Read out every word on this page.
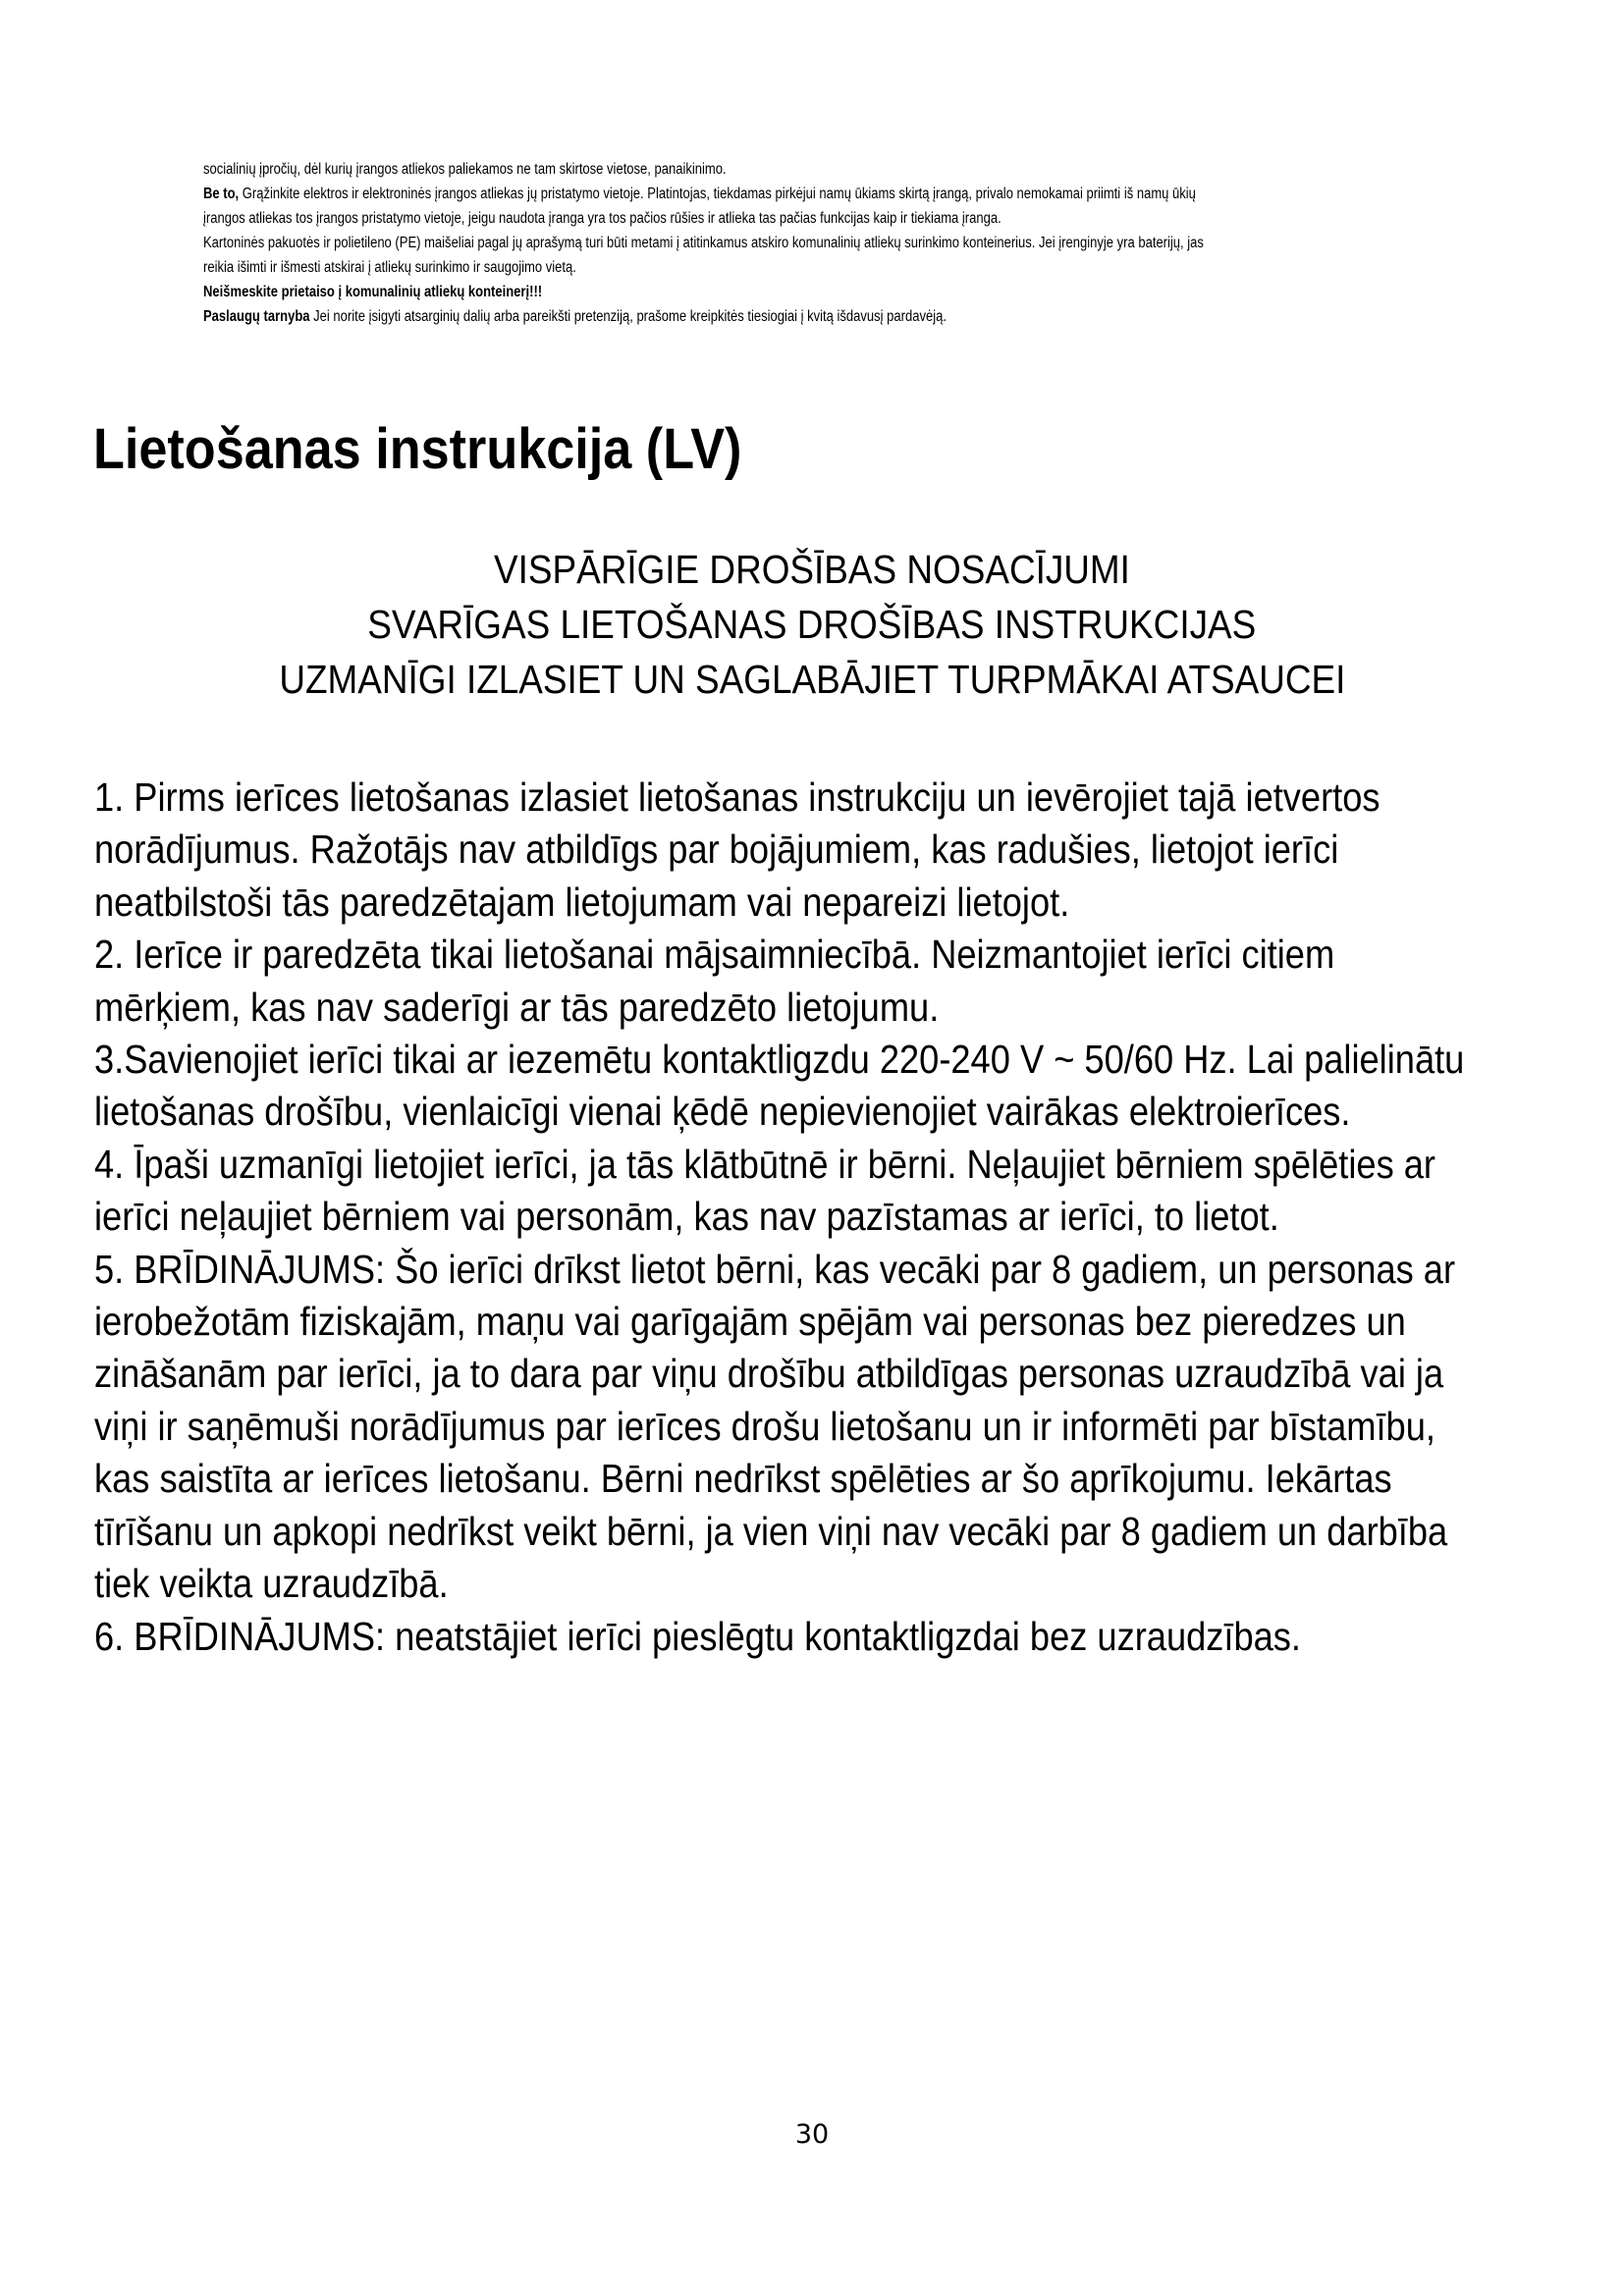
socialinių įpročių, dėl kurių įrangos atliekos paliekamos ne tam skirtose vietose, panaikinimo.

Be to, Grąžinkite elektros ir elektroninės įrangos atliekas jų pristatymo vietoje. Platintojas, tiekdamas pirkėjui namų ūkiams skirtą įrangą, privalo nemokamai priimti iš namų ūkių įrangos atliekas tos įrangos pristatymo vietoje, jeigu naudota įranga yra tos pačios rūšies ir atlieka tas pačias funkcijas kaip ir tiekiama įranga.

Kartoninės pakuotės ir polietileno (PE) maišeliai pagal jų aprašymą turi būti metami į atitinkamus atskiro komunalinių atliekų surinkimo konteinerius. Jei įrenginyje yra baterijų, jas reikia išimti ir išmesti atskirai į atliekų surinkimo ir saugojimo vietą.

Neišmeskite prietaiso į komunalinių atliekų konteinerį!!!

Paslaugų tarnyba Jei norite įsigyti atsarginių dalių arba pareikšti pretenziją, prašome kreipkitės tiesiogiai į kvitą išdavusį pardavėją.

Lietošanas instrukcija (LV)
VISPĀRĪGIE DROŠĪBAS NOSACĪJUMI
SVARĪGAS LIETOŠANAS DROŠĪBAS INSTRUKCIJAS
UZMANĪGI IZLASIET UN SAGLABĀJIET TURPMĀKAI ATSAUCEI

1. Pirms ierīces lietošanas izlasiet lietošanas instrukciju un ievērojiet tajā ietvertos norādījumus. Ražotājs nav atbildīgs par bojājumiem, kas radušies, lietojot ierīci neatbilstoši tās paredzētajam lietojumam vai nepareizi lietojot.

2. Ierīce ir paredzēta tikai lietošanai mājsaimniecībā. Neizmantojiet ierīci citiem mērķiem, kas nav saderīgi ar tās paredzēto lietojumu.

3.Savienojiet ierīci tikai ar iezemētu kontaktligzdu 220-240 V ~ 50/60 Hz. Lai palielinātu lietošanas drošību, vienlaicīgi vienai ķēdē nepievienojiet vairākas elektroierīces.

4. Īpaši uzmanīgi lietojiet ierīci, ja tās klātbūtnē ir bērni. Neļaujiet bērniem spēlēties ar ierīci neļaujiet bērniem vai personām, kas nav pazīstamas ar ierīci, to lietot.

5. BRĪDINĀJUMS: Šo ierīci drīkst lietot bērni, kas vecāki par 8 gadiem, un personas ar ierobežotām fiziskajām, maņu vai garīgajām spējām vai personas bez pieredzes un zināšanām par ierīci, ja to dara par viņu drošību atbildīgas personas uzraudzībā vai ja viņi ir saņēmuši norādījumus par ierīces drošu lietošanu un ir informēti par bīstamību, kas saistīta ar ierīces lietošanu. Bērni nedrīkst spēlēties ar šo aprīkojumu. Iekārtas tīrīšanu un apkopi nedrīkst veikt bērni, ja vien viņi nav vecāki par 8 gadiem un darbība tiek veikta uzraudzībā.

6. BRĪDINĀJUMS: neatstājiet ierīci pieslēgtu kontaktligzdai bez uzraudzības.

30
